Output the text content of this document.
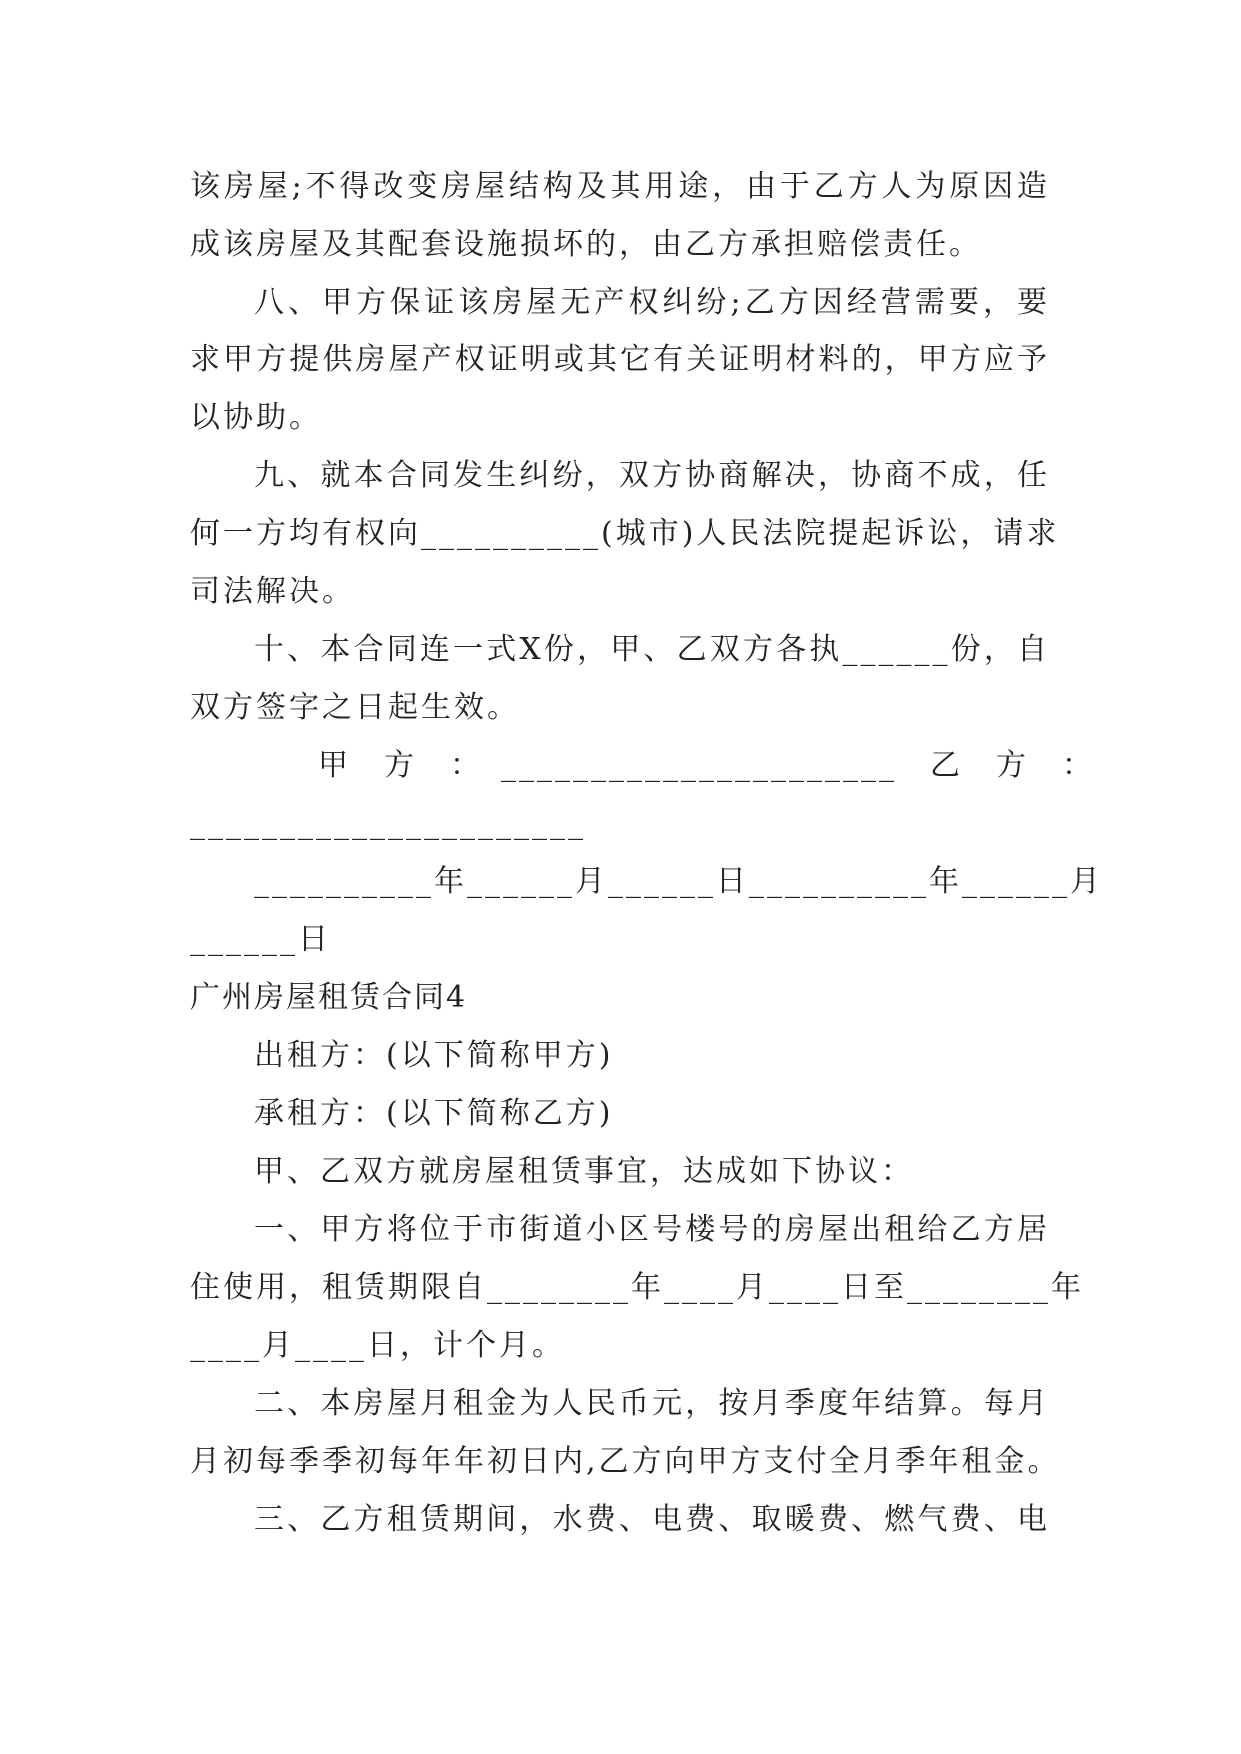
该房屋;不得改变房屋结构及其用途，由于乙方人为原因造
成该房屋及其配套设施损坏的，由乙方承担赔偿责任。
八、甲方保证该房屋无产权纠纷;乙方因经营需要，要
求甲方提供房屋产权证明或其它有关证明材料的，甲方应予
以协助。
九、就本合同发生纠纷，双方协商解决，协商不成，任
何一方均有权向__________(城市)人民法院提起诉讼，请求
司法解决。
十、本合同连一式X份，甲、乙双方各执______份，自
双方签字之日起生效。
甲　方　：　______________________　乙　方　：
______________________
__________年______月______日__________年______月
______日
广州房屋租赁合同4
出租方：(以下简称甲方)
承租方：(以下简称乙方)
甲、乙双方就房屋租赁事宜，达成如下协议：
一、甲方将位于市街道小区号楼号的房屋出租给乙方居
住使用，租赁期限自________年____月____日至________年
____月____日，计个月。
二、本房屋月租金为人民币元，按月季度年结算。每月
月初每季季初每年年初日内,乙方向甲方支付全月季年租金。
三、乙方租赁期间，水费、电费、取暖费、燃气费、电
